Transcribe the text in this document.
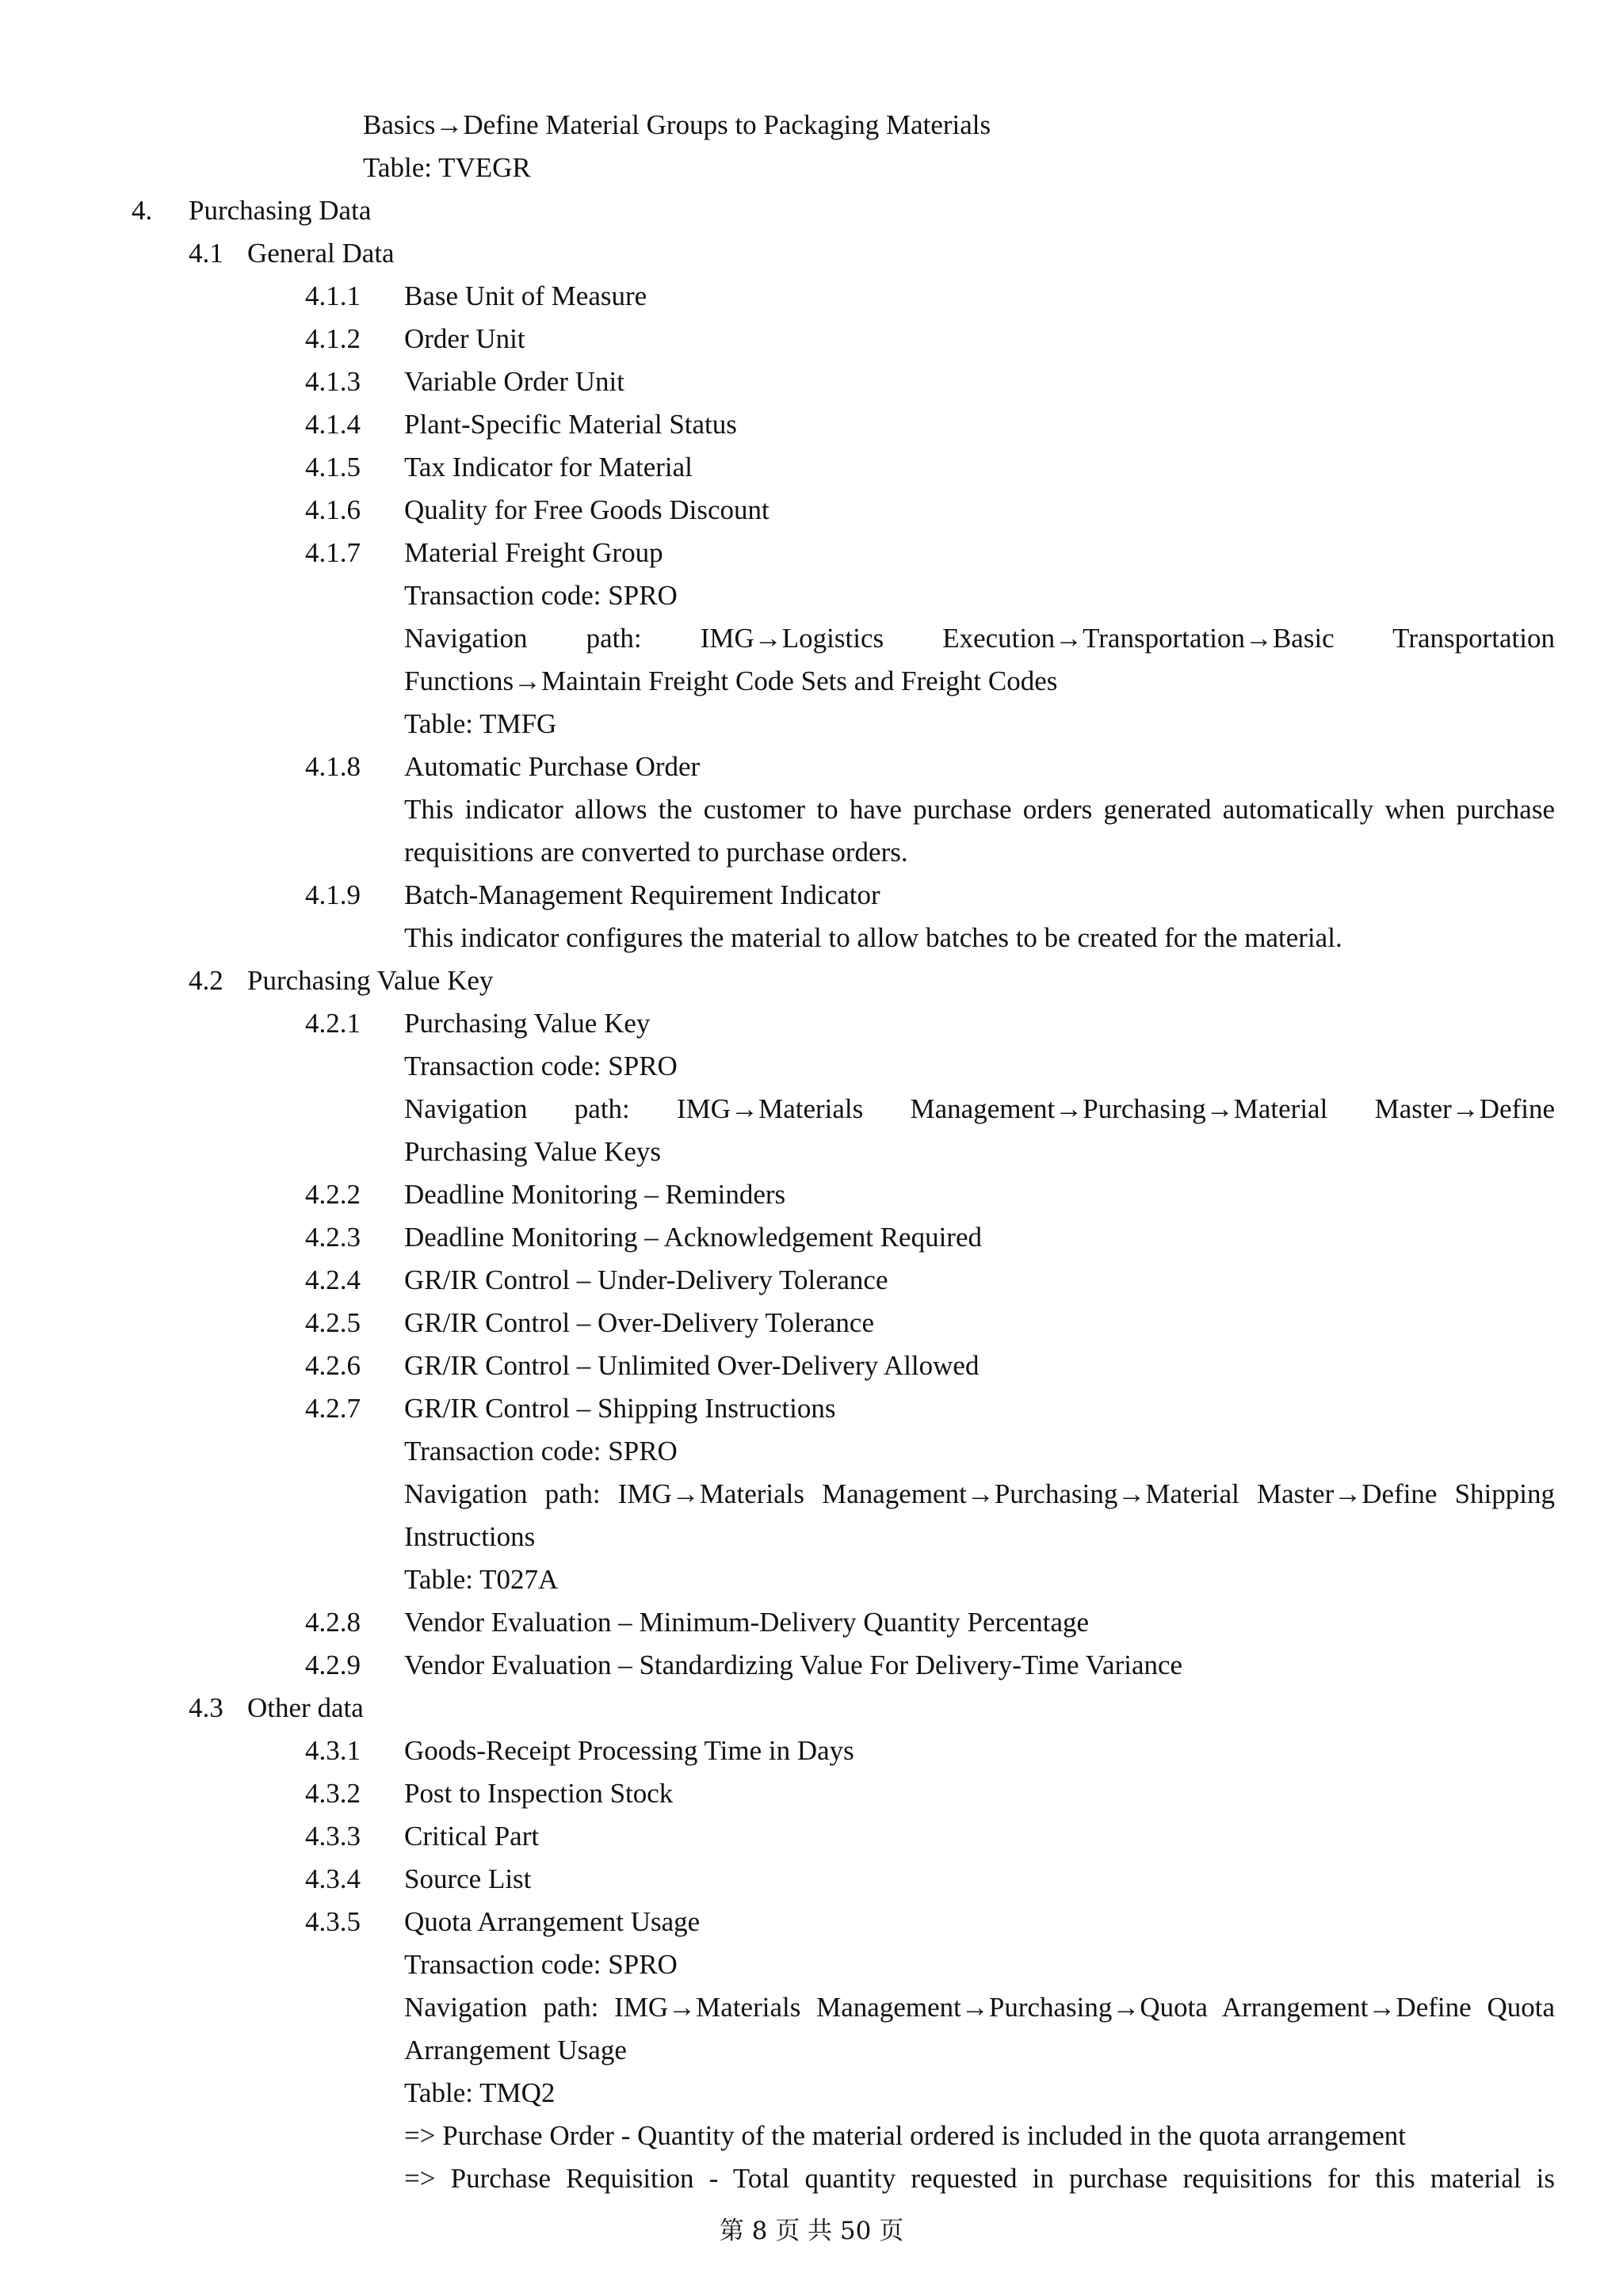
Basics→Define Material Groups to Packaging Materials
Table: TVEGR
4. Purchasing Data
4.1 General Data
4.1.1 Base Unit of Measure
4.1.2 Order Unit
4.1.3 Variable Order Unit
4.1.4 Plant-Specific Material Status
4.1.5 Tax Indicator for Material
4.1.6 Quality for Free Goods Discount
4.1.7 Material Freight Group
Transaction code: SPRO
Navigation path: IMG→Logistics Execution→Transportation→Basic Transportation
Functions→Maintain Freight Code Sets and Freight Codes
Table: TMFG
4.1.8 Automatic Purchase Order
This indicator allows the customer to have purchase orders generated automatically when purchase
requisitions are converted to purchase orders.
4.1.9 Batch-Management Requirement Indicator
This indicator configures the material to allow batches to be created for the material.
4.2 Purchasing Value Key
4.2.1 Purchasing Value Key
Transaction code: SPRO
Navigation path: IMG→Materials Management→Purchasing→Material Master→Define
Purchasing Value Keys
4.2.2 Deadline Monitoring – Reminders
4.2.3 Deadline Monitoring – Acknowledgement Required
4.2.4 GR/IR Control – Under-Delivery Tolerance
4.2.5 GR/IR Control – Over-Delivery Tolerance
4.2.6 GR/IR Control – Unlimited Over-Delivery Allowed
4.2.7 GR/IR Control – Shipping Instructions
Transaction code: SPRO
Navigation path: IMG→Materials Management→Purchasing→Material Master→Define Shipping
Instructions
Table: T027A
4.2.8 Vendor Evaluation – Minimum-Delivery Quantity Percentage
4.2.9 Vendor Evaluation – Standardizing Value For Delivery-Time Variance
4.3 Other data
4.3.1 Goods-Receipt Processing Time in Days
4.3.2 Post to Inspection Stock
4.3.3 Critical Part
4.3.4 Source List
4.3.5 Quota Arrangement Usage
Transaction code: SPRO
Navigation path: IMG→Materials Management→Purchasing→Quota Arrangement→Define Quota
Arrangement Usage
Table: TMQ2
=> Purchase Order - Quantity of the material ordered is included in the quota arrangement
=> Purchase Requisition - Total quantity requested in purchase requisitions for this material is
第 8 页 共 50 页
